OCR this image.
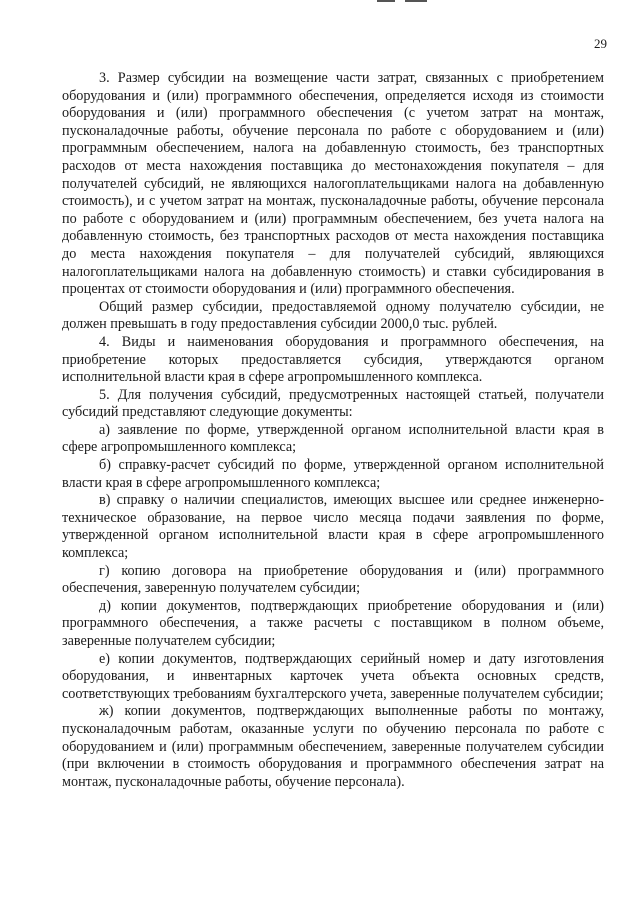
29

3. Размер субсидии на возмещение части затрат, связанных с приобретением оборудования и (или) программного обеспечения, определяется исходя из стоимости оборудования и (или) программного обеспечения (с учетом затрат на монтаж, пусконаладочные работы, обучение персонала по работе с оборудованием и (или) программным обеспечением, налога на добавленную стоимость, без транспортных расходов от места нахождения поставщика до местонахождения покупателя – для получателей субсидий, не являющихся налогоплательщиками налога на добавленную стоимость), и с учетом затрат на монтаж, пусконаладочные работы, обучение персонала по работе с оборудованием и (или) программным обеспечением, без учета налога на добавленную стоимость, без транспортных расходов от места нахождения поставщика до места нахождения покупателя – для получателей субсидий, являющихся налогоплательщиками налога на добавленную стоимость) и ставки субсидирования в процентах от стоимости оборудования и (или) программного обеспечения.

Общий размер субсидии, предоставляемой одному получателю субсидии, не должен превышать в году предоставления субсидии 2000,0 тыс. рублей.

4. Виды и наименования оборудования и программного обеспечения, на приобретение которых предоставляется субсидия, утверждаются органом исполнительной власти края в сфере агропромышленного комплекса.

5. Для получения субсидий, предусмотренных настоящей статьей, получатели субсидий представляют следующие документы:

а) заявление по форме, утвержденной органом исполнительной власти края в сфере агропромышленного комплекса;

б) справку-расчет субсидий по форме, утвержденной органом исполнительной власти края в сфере агропромышленного комплекса;

в) справку о наличии специалистов, имеющих высшее или среднее инженерно-техническое образование, на первое число месяца подачи заявления по форме, утвержденной органом исполнительной власти края в сфере агропромышленного комплекса;

г) копию договора на приобретение оборудования и (или) программного обеспечения, заверенную получателем субсидии;

д) копии документов, подтверждающих приобретение оборудования и (или) программного обеспечения, а также расчеты с поставщиком в полном объеме, заверенные получателем субсидии;

е) копии документов, подтверждающих серийный номер и дату изготовления оборудования, и инвентарных карточек учета объекта основных средств, соответствующих требованиям бухгалтерского учета, заверенные получателем субсидии;

ж) копии документов, подтверждающих выполненные работы по монтажу, пусконаладочным работам, оказанные услуги по обучению персонала по работе с оборудованием и (или) программным обеспечением, заверенные получателем субсидии (при включении в стоимость оборудования и программного обеспечения затрат на монтаж, пусконаладочные работы, обучение персонала).
